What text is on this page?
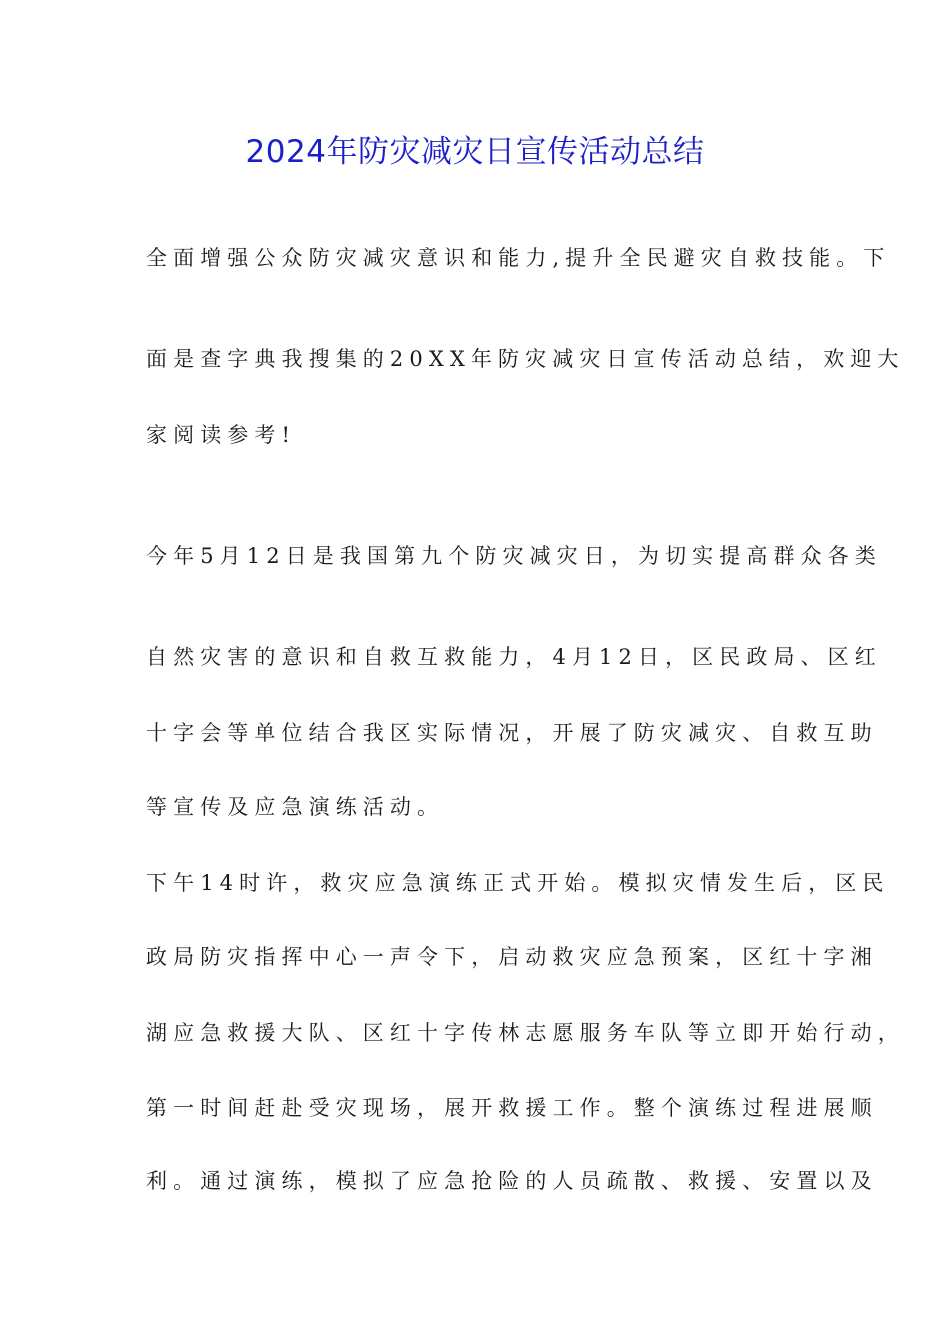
2024年防灾减灾日宣传活动总结
全面增强公众防灾减灾意识和能力,提升全民避灾自救技能。下
面是查字典我搜集的20XX年防灾减灾日宣传活动总结，欢迎大
家阅读参考!
今年5月12日是我国第九个防灾减灾日，为切实提高群众各类
自然灾害的意识和自救互救能力，4月12日，区民政局、区红
十字会等单位结合我区实际情况，开展了防灾减灾、自救互助
等宣传及应急演练活动。
下午14时许，救灾应急演练正式开始。模拟灾情发生后，区民
政局防灾指挥中心一声令下，启动救灾应急预案，区红十字湘
湖应急救援大队、区红十字传林志愿服务车队等立即开始行动，
第一时间赶赴受灾现场，展开救援工作。整个演练过程进展顺
利。通过演练，模拟了应急抢险的人员疏散、救援、安置以及
